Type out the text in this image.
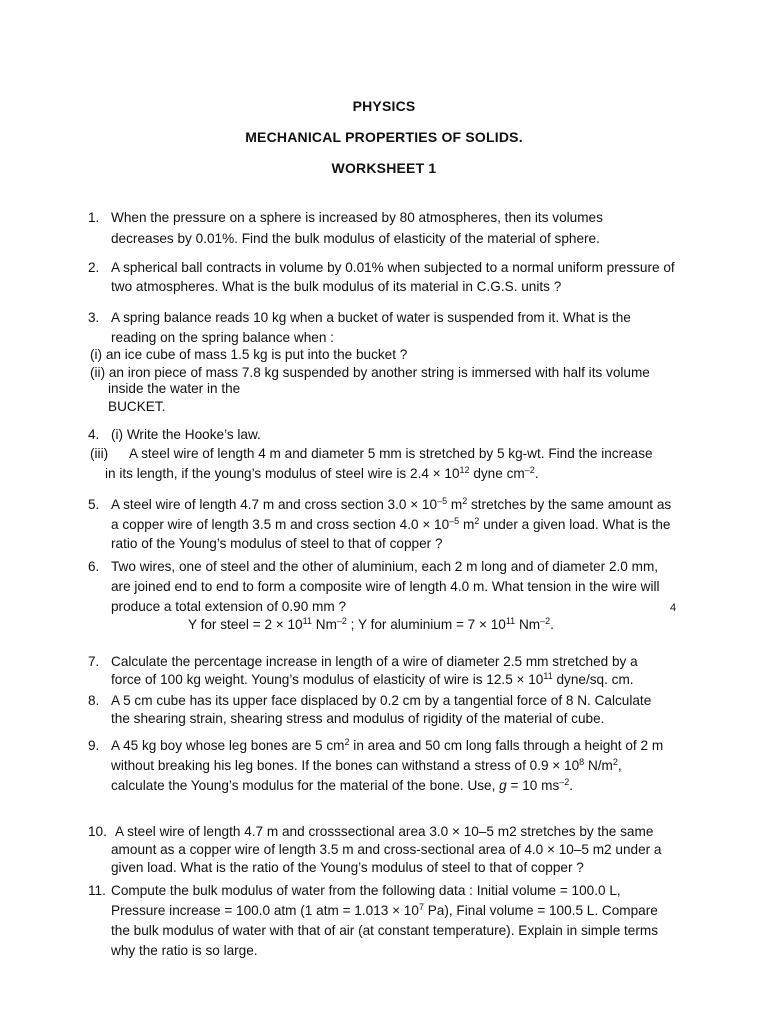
PHYSICS
MECHANICAL PROPERTIES OF SOLIDS.
WORKSHEET 1
1. When the pressure on a sphere is increased by 80 atmospheres, then its volumes
decreases by 0.01%. Find the bulk modulus of elasticity of the material of sphere.
2. A spherical ball contracts in volume by 0.01% when subjected to a normal uniform pressure of
two atmospheres. What is the bulk modulus of its material in C.G.S. units ?
3. A spring balance reads 10 kg when a bucket of water is suspended from it. What is the
reading on the spring balance when :
(i) an ice cube of mass 1.5 kg is put into the bucket ?
(ii) an iron piece of mass 7.8 kg suspended by another string is immersed with half its volume
inside the water in the
BUCKET.
4. (i) Write the Hooke’s law.
(iii) A steel wire of length 4 m and diameter 5 mm is stretched by 5 kg-wt. Find the increase
in its length, if the young’s modulus of steel wire is $2.4 \times 10^{12}$ dyne $cm^{-2}$.
5. A steel wire of length 4.7 m and cross section $3.0 \times 10^{-5}$ $m^2$ stretches by the same amount as
a copper wire of length 3.5 m and cross section $4.0 \times 10^{-5}$ $m^2$ under a given load. What is the
ratio of the Young’s modulus of steel to that of copper ?
6. Two wires, one of steel and the other of aluminium, each 2 m long and of diameter 2.0 mm,
are joined end to end to form a composite wire of length 4.0 m. What tension in the wire will
produce a total extension of 0.90 mm ?	4
Y for steel = $2 \times 10^{11}$ $Nm^{-2}$ ; Y for aluminium = $7 \times 10^{11}$ $Nm^{-2}$.
7. Calculate the percentage increase in length of a wire of diameter 2.5 mm stretched by a
force of 100 kg weight. Young’s modulus of elasticity of wire is $12.5 \times 10^{11}$ dyne/sq. cm.
8. A 5 cm cube has its upper face displaced by 0.2 cm by a tangential force of 8 N. Calculate
the shearing strain, shearing stress and modulus of rigidity of the material of cube.
9. A 45 kg boy whose leg bones are 5 $cm^2$ in area and 50 cm long falls through a height of 2 m
without breaking his leg bones. If the bones can withstand a stress of $0.9 \times 10^8$ $N/m^2$,
calculate the Young’s modulus for the material of the bone. Use, g = 10 $ms^{-2}$.
10. A steel wire of length 4.7 m and crosssectional area 3.0 × 10–5 m2 stretches by the same
amount as a copper wire of length 3.5 m and cross-sectional area of 4.0 × 10–5 m2 under a
given load. What is the ratio of the Young’s modulus of steel to that of copper ?
11. Compute the bulk modulus of water from the following data : Initial volume = 100.0 L,
Pressure increase = 100.0 atm (1 atm = $1.013 \times 10^7$ Pa), Final volume = 100.5 L. Compare
the bulk modulus of water with that of air (at constant temperature). Explain in simple terms
why the ratio is so large.
